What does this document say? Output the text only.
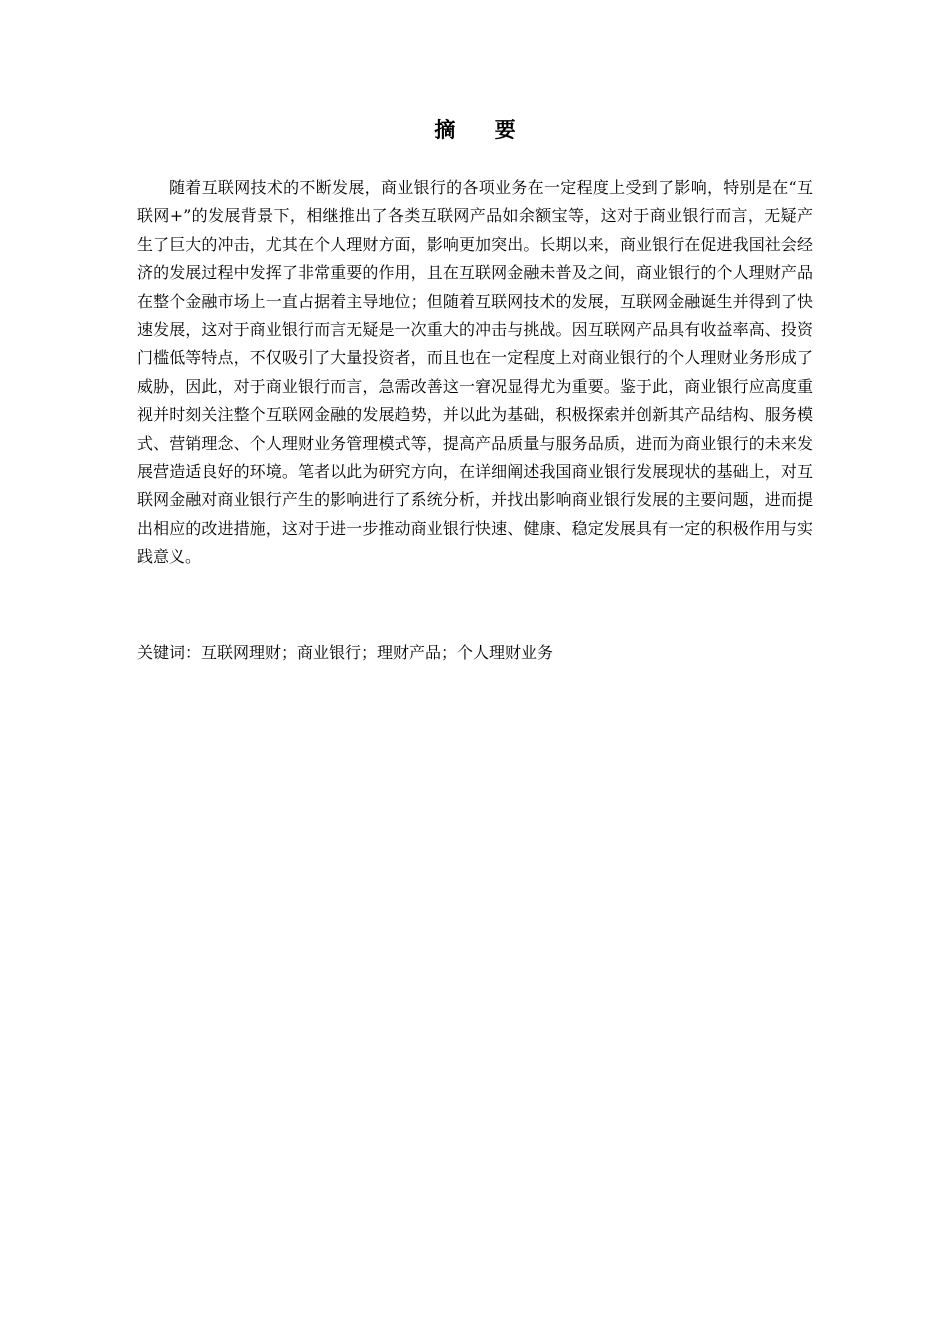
摘 要

随着互联网技术的不断发展，商业银行的各项业务在一定程度上受到了影响，特别是在“互联网+”的发展背景下，相继推出了各类互联网产品如余额宝等，这对于商业银行而言，无疑产生了巨大的冲击，尤其在个人理财方面，影响更加突出。长期以来，商业银行在促进我国社会经济的发展过程中发挥了非常重要的作用，且在互联网金融未普及之间，商业银行的个人理财产品在整个金融市场上一直占据着主导地位；但随着互联网技术的发展，互联网金融诞生并得到了快速发展，这对于商业银行而言无疑是一次重大的冲击与挑战。因互联网产品具有收益率高、投资门槛低等特点，不仅吸引了大量投资者，而且也在一定程度上对商业银行的个人理财业务形成了威胁，因此，对于商业银行而言，急需改善这一窘况显得尤为重要。鉴于此，商业银行应高度重视并时刻关注整个互联网金融的发展趋势，并以此为基础，积极探索并创新其产品结构、服务模式、营销理念、个人理财业务管理模式等，提高产品质量与服务品质，进而为商业银行的未来发展营造适良好的环境。笔者以此为研究方向，在详细阐述我国商业银行发展现状的基础上，对互联网金融对商业银行产生的影响进行了系统分析，并找出影响商业银行发展的主要问题，进而提出相应的改进措施，这对于进一步推动商业银行快速、健康、稳定发展具有一定的积极作用与实践意义。

关键词：互联网理财；商业银行；理财产品；个人理财业务
